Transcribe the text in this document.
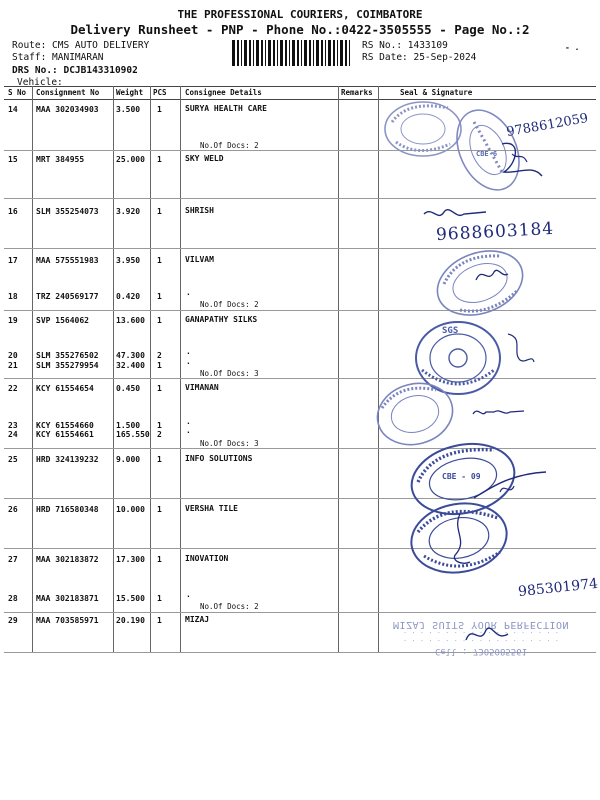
THE PROFESSIONAL COURIERS, COIMBATORE
Delivery Runsheet - PNP - Phone No.:0422-3505555 - Page No.:2
Route: CMS AUTO DELIVERY
Staff: MANIMARAN
DRS No.: DCJB143310902
Vehicle:
RS No.: 1433109
RS Date: 25-Sep-2024
- .
S No Consignment No Weight PCS Consignee Details	Remarks	Seal & Signature
14 MAA 302034903 3.500 1	SURYA HEALTH CARE
No.Of Docs: 2
15 MRT 384955	25.000 1	SKY WELD
16 SLM 355254073 3.920 1	SHRISH
17 MAA 575551983 3.950 1	VILVAM
18 TRZ 240569177 0.420 1	.
No.Of Docs: 2
19 SVP 1564062	13.600 1	GANAPATHY SILKS
20 SLM 355276502 47.300 2	.
21 SLM 355279954 32.400 1	.
No.Of Docs: 3
22 KCY 61554654	0.450 1	VIMANAN
23 KCY 61554660	1.500 1	.
24 KCY 61554661	165.550 2	.
No.Of Docs: 3
25 HRD 324139232 9.000 1	INFO SOLUTIONS
26 HRD 716580348 10.000 1	VERSHA TILE
27 MAA 302183872 17.300 1	INOVATION
28 MAA 302183871 15.500 1	.
No.Of Docs: 2
29 MAA 703585971 20.190 1	MIZAJ
CBE 6
9788612059
9688603184
SGS
CBE - 09
985301974
Cell : 7305085561
. . . . . . . . . . . . . . . . . . .
. . . . . . . . . . . . . . . . . . .
MIZAJ SUITS YOUR PERFECTION
